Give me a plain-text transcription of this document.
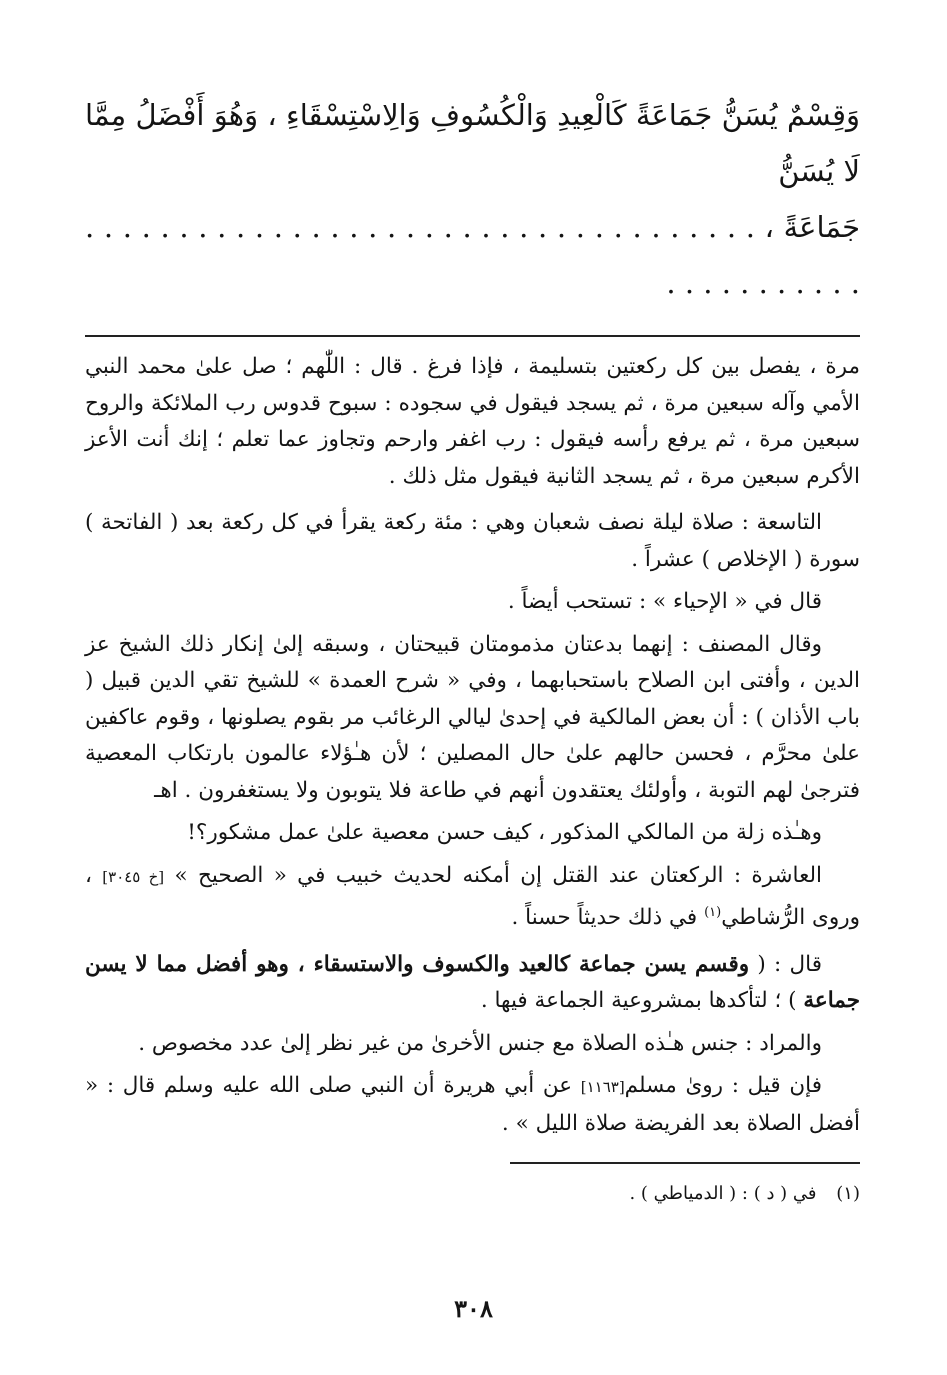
وَقِسْمٌ يُسَنُّ جَمَاعَةً كَالْعِيدِ وَالْكُسُوفِ وَالِاسْتِسْقَاءِ ، وَهُوَ أَفْضَلُ مِمَّا لَا يُسَنُّ
جَمَاعَةً ، . . . . . . . . . . . . . . . . . . . . . . . . . . . . . . . . . . . . . . . . . . . . . . .

مرة ، يفصل بين كل ركعتين بتسليمة ، فإذا فرغ . قال : اللّٰهم ؛ صل علىٰ محمد النبي الأمي وآله سبعين مرة ، ثم يسجد فيقول في سجوده : سبوح قدوس رب الملائكة والروح سبعين مرة ، ثم يرفع رأسه فيقول : رب اغفر وارحم وتجاوز عما تعلم ؛ إنك أنت الأعز الأكرم سبعين مرة ، ثم يسجد الثانية فيقول مثل ذلك .

التاسعة : صلاة ليلة نصف شعبان وهي : مئة ركعة يقرأ في كل ركعة بعد ( الفاتحة ) سورة ( الإخلاص ) عشراً .

قال في « الإحياء » : تستحب أيضاً .

وقال المصنف : إنهما بدعتان مذمومتان قبيحتان ، وسبقه إلىٰ إنكار ذلك الشيخ عز الدين ، وأفتى ابن الصلاح باستحبابهما ، وفي « شرح العمدة » للشيخ تقي الدين قبيل ( باب الأذان ) : أن بعض المالكية في إحدىٰ ليالي الرغائب مر بقوم يصلونها ، وقوم عاكفين علىٰ محرَّم ، فحسن حالهم علىٰ حال المصلين ؛ لأن هـٰؤلاء عالمون بارتكاب المعصية فترجىٰ لهم التوبة ، وأولئك يعتقدون أنهم في طاعة فلا يتوبون ولا يستغفرون . اهـ

وهـٰذه زلة من المالكي المذكور ، كيف حسن معصية علىٰ عمل مشكور؟!

العاشرة : الركعتان عند القتل إن أمكنه لحديث خبيب في « الصحيح » [خ ٣٠٤٥] ، وروى الرُّشاطي$^{(١)}$ في ذلك حديثاً حسناً .

قال : ( وقسم يسن جماعة كالعيد والكسوف والاستسقاء ، وهو أفضل مما لا يسن جماعة ) ؛ لتأكدها بمشروعية الجماعة فيها .

والمراد : جنس هـٰذه الصلاة مع جنس الأخرىٰ من غير نظر إلىٰ عدد مخصوص .

فإن قيل : روىٰ مسلم[١١٦٣] عن أبي هريرة أن النبي صلى الله عليه وسلم قال : « أفضل الصلاة بعد الفريضة صلاة الليل » .

(١) في ( د ) : ( الدمياطي ) .

٣٠٨
